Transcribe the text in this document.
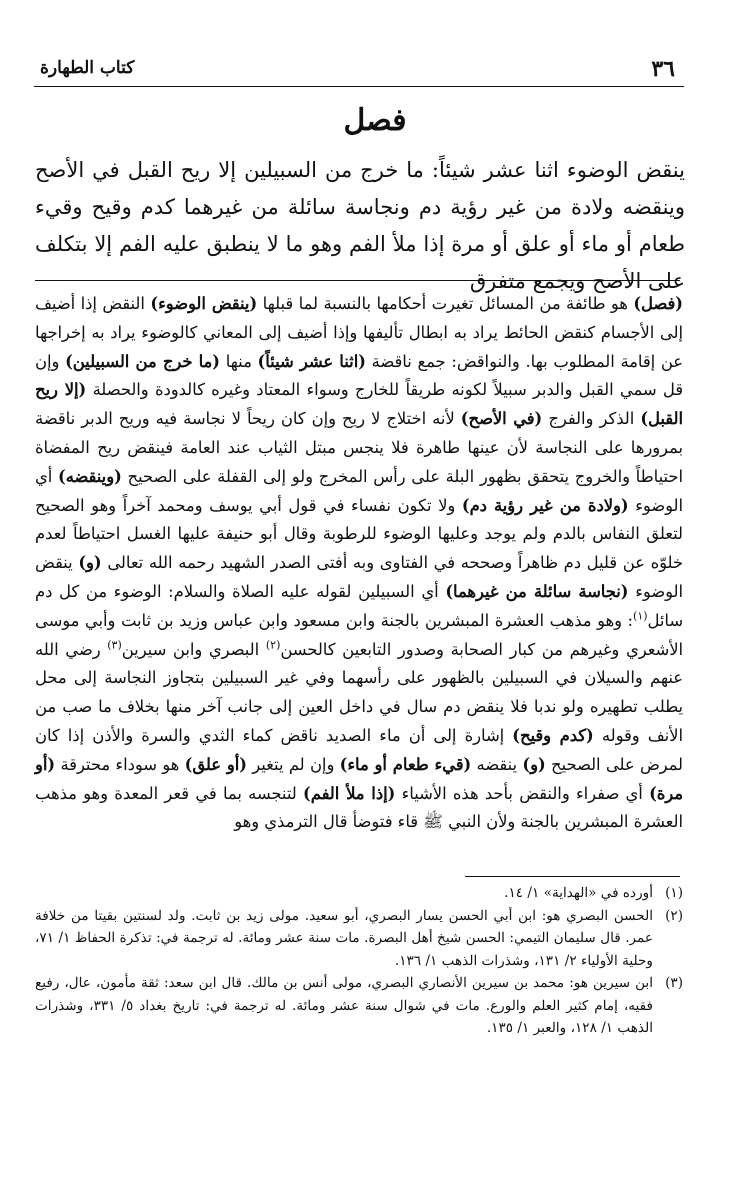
٣٦
كتاب الطهارة
فصل
ينقض الوضوء اثنا عشر شيئاً: ما خرج من السبيلين إلا ريح القبل في الأصح وينقضه ولادة من غير رؤية دم ونجاسة سائلة من غيرهما كدم وقيح وقيء طعام أو ماء أو علق أو مرة إذا ملأ الفم وهو ما لا ينطبق عليه الفم إلا بتكلف على الأصح ويجمع متفرق
(فصل) هو طائفة من المسائل تغيرت أحكامها بالنسبة لما قبلها (ينقض الوضوء) النقض إذا أضيف إلى الأجسام كنقض الحائط يراد به ابطال تأليفها وإذا أضيف إلى المعاني كالوضوء يراد به إخراجها عن إقامة المطلوب بها. والنواقض: جمع ناقضة (اثنا عشر شيئاً) منها (ما خرج من السبيلين) وإن قل سمي القبل والدبر سبيلاً لكونه طريقاً للخارج وسواء المعتاد وغيره كالدودة والحصلة (إلا ريح القبل) الذكر والفرج (في الأصح) لأنه اختلاج لا ريح وإن كان ريحاً لا نجاسة فيه وريح الدبر ناقضة بمرورها على النجاسة لأن عينها طاهرة فلا ينجس مبتل الثياب عند العامة فينقض ريح المفضاة احتياطاً والخروج يتحقق بظهور البلة على رأس المخرج ولو إلى القفلة على الصحيح (وينقضه) أي الوضوء (ولادة من غير رؤية دم) ولا تكون نفساء في قول أبي يوسف ومحمد آخراً وهو الصحيح لتعلق النفاس بالدم ولم يوجد وعليها الوضوء للرطوبة وقال أبو حنيفة عليها الغسل احتياطاً لعدم خلوّه عن قليل دم ظاهراً وصححه في الفتاوى وبه أفتى الصدر الشهيد رحمه الله تعالى (و) ينقض الوضوء (نجاسة سائلة من غيرهما) أي السبيلين لقوله عليه الصلاة والسلام: الوضوء من كل دم سائل$^{(١)}$: وهو مذهب العشرة المبشرين بالجنة وابن مسعود وابن عباس وزيد بن ثابت وأبي موسى الأشعري وغيرهم من كبار الصحابة وصدور التابعين كالحسن$^{(٢)}$ البصري وابن سيرين$^{(٣)}$ رضي الله عنهم والسيلان في السبيلين بالظهور على رأسهما وفي غير السبيلين بتجاوز النجاسة إلى محل يطلب تطهيره ولو ندبا فلا ينقض دم سال في داخل العين إلى جانب آخر منها بخلاف ما صب من الأنف وقوله (كدم وقيح) إشارة إلى أن ماء الصديد ناقض كماء الثدي والسرة والأذن إذا كان لمرض على الصحيح (و) ينقضه (قيء طعام أو ماء) وإن لم يتغير (أو علق) هو سوداء محترقة (أو مرة) أي صفراء والنقض بأحد هذه الأشياء (إذا ملأ الفم) لتنجسه بما في قعر المعدة وهو مذهب العشرة المبشرين بالجنة ولأن النبي ﷺ قاء فتوضأ قال الترمذي وهو
(١)
أورده في «الهداية» ١/ ١٤.
(٢)
الحسن البصري هو: ابن أبي الحسن يسار البصري، أبو سعيد. مولى زيد بن ثابت. ولد لسنتين بقيتا من خلافة عمر. قال سليمان التيمي: الحسن شيخ أهل البصرة. مات سنة عشر ومائة. له ترجمة في: تذكرة الحفاظ ١/ ٧١، وحلية الأولياء ٢/ ١٣١، وشذرات الذهب ١/ ١٣٦.
(٣)
ابن سيرين هو: محمد بن سيرين الأنصاري البصري، مولى أنس بن مالك. قال ابن سعد: ثقة مأمون، عال، رفيع فقيه، إمام كثير العلم والورع. مات في شوال سنة عشر ومائة. له ترجمة في: تاريخ بغداد ٥/ ٣٣١، وشذرات الذهب ١/ ١٢٨، والعبر ١/ ١٣٥.
